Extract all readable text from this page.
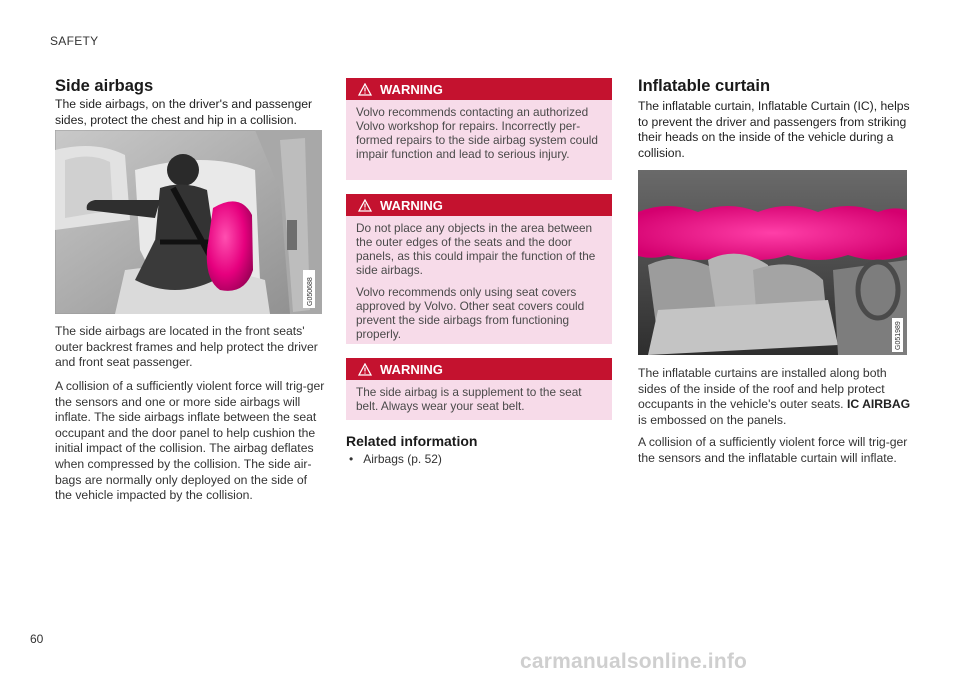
SAFETY
Side airbags

The side airbags, on the driver's and passenger sides, protect the chest and hip in a collision.

G050688

The side airbags are located in the front seats' outer backrest frames and help protect the driver and front seat passenger.

A collision of a sufficiently violent force will trig-ger the sensors and one or more side airbags will inflate. The side airbags inflate between the seat occupant and the door panel to help cushion the initial impact of the collision. The airbag deflates when compressed by the collision. The side air-bags are normally only deployed on the side of the vehicle impacted by the collision.

WARNING

Volvo recommends contacting an authorized Volvo workshop for repairs. Incorrectly per-formed repairs to the side airbag system could impair function and lead to serious injury.

WARNING

Do not place any objects in the area between the outer edges of the seats and the door panels, as this could impair the function of the side airbags.

Volvo recommends only using seat covers approved by Volvo. Other seat covers could prevent the side airbags from functioning properly.

WARNING

The side airbag is a supplement to the seat belt. Always wear your seat belt.

Related information
• Airbags (p. 52)
Inflatable curtain

The inflatable curtain, Inflatable Curtain (IC), helps to prevent the driver and passengers from striking their heads on the inside of the vehicle during a collision.

G051989

The inflatable curtains are installed along both sides of the inside of the roof and help protect occupants in the vehicle's outer seats. IC AIRBAG is embossed on the panels.

A collision of a sufficiently violent force will trig-ger the sensors and the inflatable curtain will inflate.

60
carmanualsonline.info
